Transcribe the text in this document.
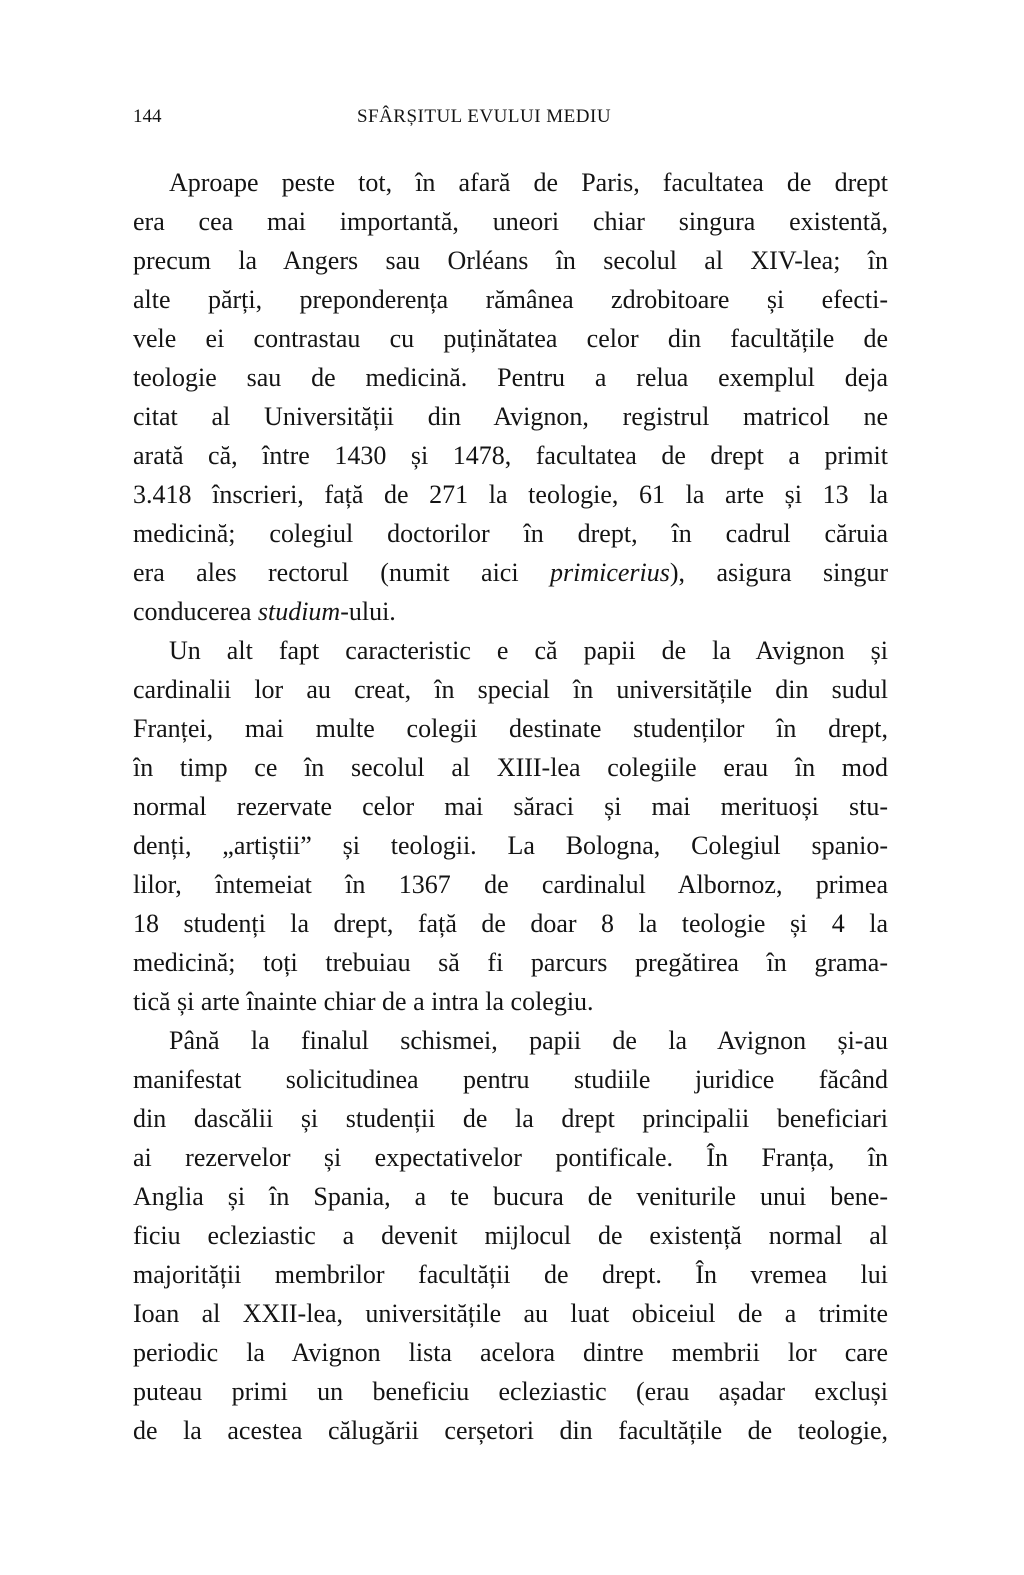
144	SFÂRȘITUL EVULUI MEDIU
Aproape peste tot, în afară de Paris, facultatea de drept
era cea mai importantă, uneori chiar singura existentă,
precum la Angers sau Orléans în secolul al XIV-lea; în
alte părți, preponderența rămânea zdrobitoare și efecti-
vele ei contrastau cu puținătatea celor din facultățile de
teologie sau de medicină. Pentru a relua exemplul deja
citat al Universității din Avignon, registrul matricol ne
arată că, între 1430 și 1478, facultatea de drept a primit
3.418 înscrieri, față de 271 la teologie, 61 la arte și 13 la
medicină; colegiul doctorilor în drept, în cadrul căruia
era ales rectorul (numit aici primicerius), asigura singur
conducerea studium-ului.
Un alt fapt caracteristic e că papii de la Avignon și
cardinalii lor au creat, în special în universitățile din sudul
Franței, mai multe colegii destinate studenților în drept,
în timp ce în secolul al XIII-lea colegiile erau în mod
normal rezervate celor mai săraci și mai merituoși stu-
denți, „artiștii” și teologii. La Bologna, Colegiul spanio-
lilor, întemeiat în 1367 de cardinalul Albornoz, primea
18 studenți la drept, față de doar 8 la teologie și 4 la
medicină; toți trebuiau să fi parcurs pregătirea în grama-
tică și arte înainte chiar de a intra la colegiu.
Până la finalul schismei, papii de la Avignon și-au
manifestat solicitudinea pentru studiile juridice făcând
din dascălii și studenții de la drept principalii beneficiari
ai rezervelor și expectativelor pontificale. În Franța, în
Anglia și în Spania, a te bucura de veniturile unui bene-
ficiu ecleziastic a devenit mijlocul de existență normal al
majorității membrilor facultății de drept. În vremea lui
Ioan al XXII-lea, universitățile au luat obiceiul de a trimite
periodic la Avignon lista acelora dintre membrii lor care
puteau primi un beneficiu ecleziastic (erau așadar excluși
de la acestea călugării cerșetori din facultățile de teologie,
